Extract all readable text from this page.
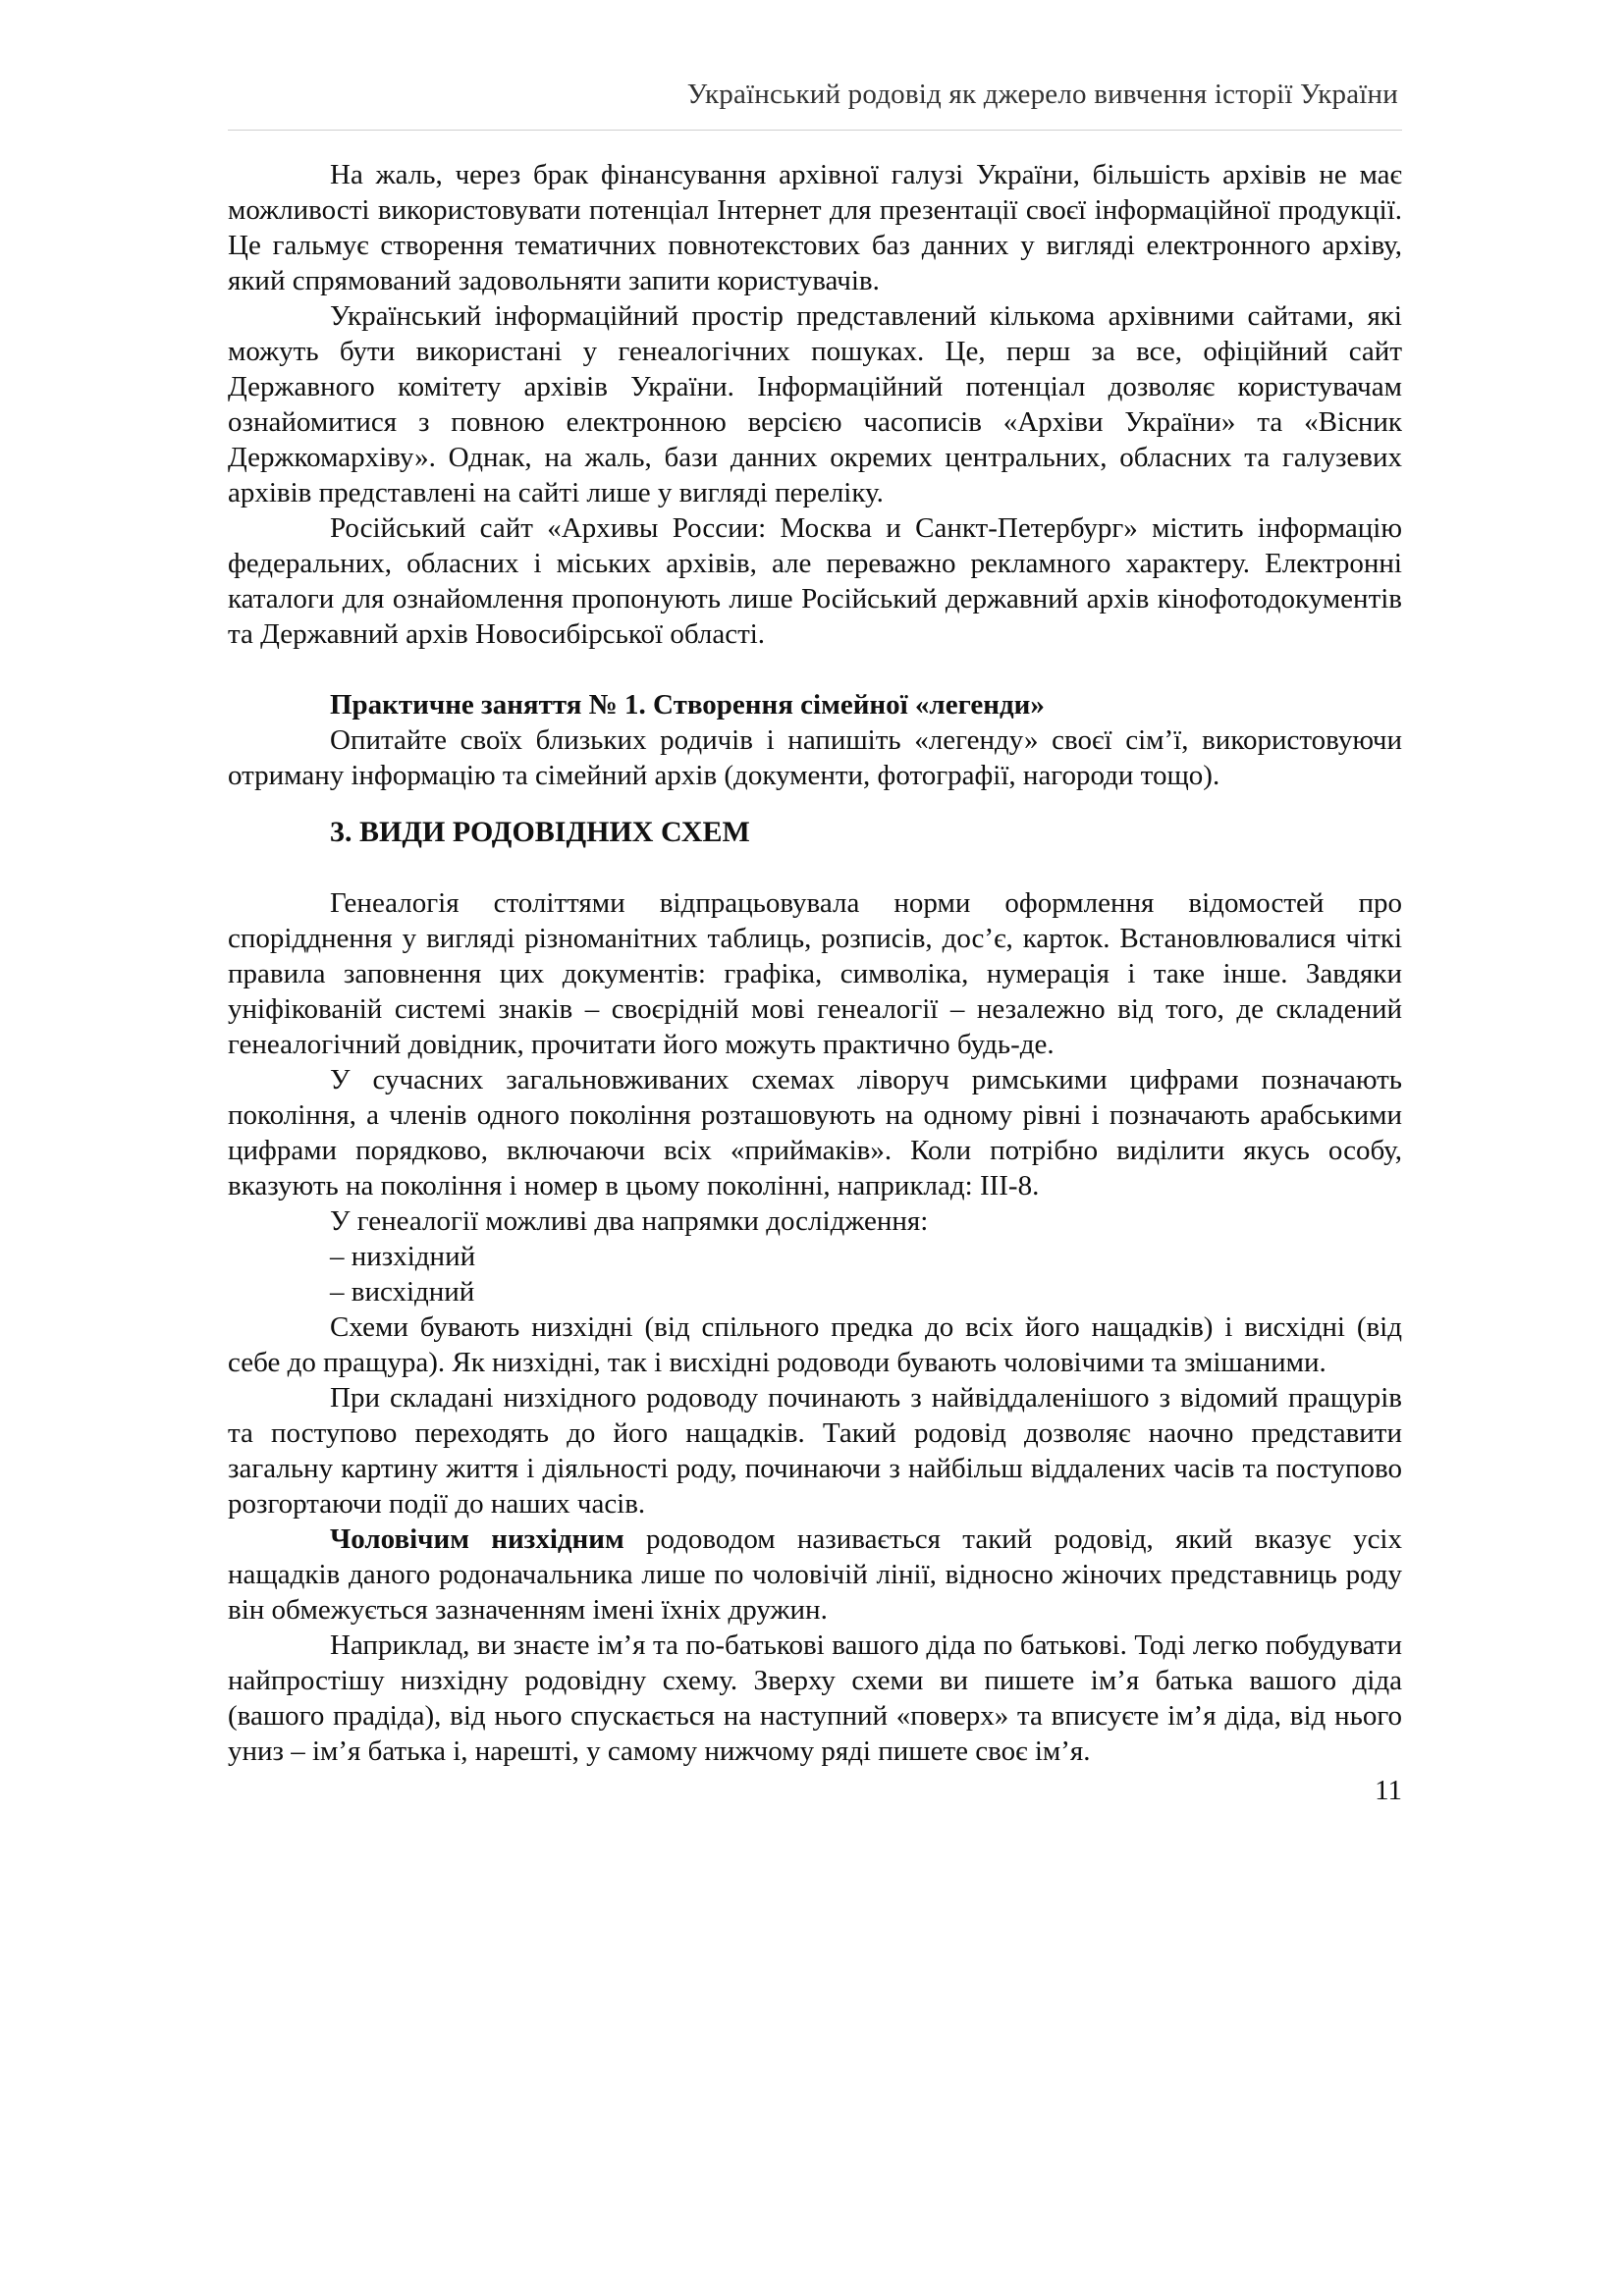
Український родовід як джерело вивчення історії України

На жаль, через брак фінансування архівної галузі України, більшість архівів не має можливості використовувати потенціал Інтернет для презентації своєї інформаційної продукції. Це гальмує створення тематичних повнотекстових баз данних у вигляді електронного архіву, який спрямований задовольняти запити користувачів.

Український інформаційний простір представлений кількома архівними сайтами, які можуть бути використані у генеалогічних пошуках. Це, перш за все, офіційний сайт Державного комітету архівів України. Інформаційний потенціал дозволяє користувачам ознайомитися з повною електронною версією часописів «Архіви України» та «Вісник Держкомархіву». Однак, на жаль, бази данних окремих центральних, обласних та галузевих архівів представлені на сайті лише у вигляді переліку.

Російський сайт «Архивы России: Москва и Санкт-Петербург» містить інформацію федеральних, обласних і міських архівів, але переважно рекламного характеру. Електронні каталоги для ознайомлення пропонують лише Російський державний архів кінофотодокументів та Державний архів Новосибірської області.

Практичне заняття № 1. Створення сімейної «легенди»

Опитайте своїх близьких родичів і напишіть «легенду» своєї сім’ї, використовуючи отриману інформацію та сімейний архів (документи, фотографії, нагороди тощо).

3. ВИДИ РОДОВІДНИХ СХЕМ

Генеалогія століттями відпрацьовувала норми оформлення відомостей про спорідднення у вигляді різноманітних таблиць, розписів, дос’є, карток. Встановлювалися чіткі правила заповнення цих документів: графіка, символіка, нумерація і таке інше. Завдяки уніфікованій системі знаків – своєрідній мові генеалогії – незалежно від того, де складений генеалогічний довідник, прочитати його можуть практично будь-де.

У сучасних загальновживаних схемах ліворуч римськими цифрами позначають покоління, а членів одного покоління розташовують на одному рівні і позначають арабськими цифрами порядково, включаючи всіх «приймаків». Коли потрібно виділити якусь особу, вказують на покоління і номер в цьому поколінні, наприклад: III-8.

У генеалогії можливі два напрямки дослідження:

– низхідний
– висхідний

Схеми бувають низхідні (від спільного предка до всіх його нащадків) і висхідні (від себе до пращура). Як низхідні, так і висхідні родоводи бувають чоловічими та змішаними.

При складані низхідного родоводу починають з найвіддаленішого з відомий пращурів та поступово переходять до його нащадків. Такий родовід дозволяє наочно представити загальну картину життя і діяльності роду, починаючи з найбільш віддалених часів та поступово розгортаючи події до наших часів.

Чоловічим низхідним родоводом називається такий родовід, який вказує усіх нащадків даного родоначальника лише по чоловічій лінії, відносно жіночих представниць роду він обмежується зазначенням імені їхніх дружин.

Наприклад, ви знаєте ім’я та по-батькові вашого діда по батькові. Тоді легко побудувати найпростішу низхідну родовідну схему. Зверху схеми ви пишете ім’я батька вашого діда (вашого прадіда), від нього спускається на наступний «поверх» та вписуєте ім’я діда, від нього униз – ім’я батька і, нарешті, у самому нижчому ряді пишете своє ім’я.

11
